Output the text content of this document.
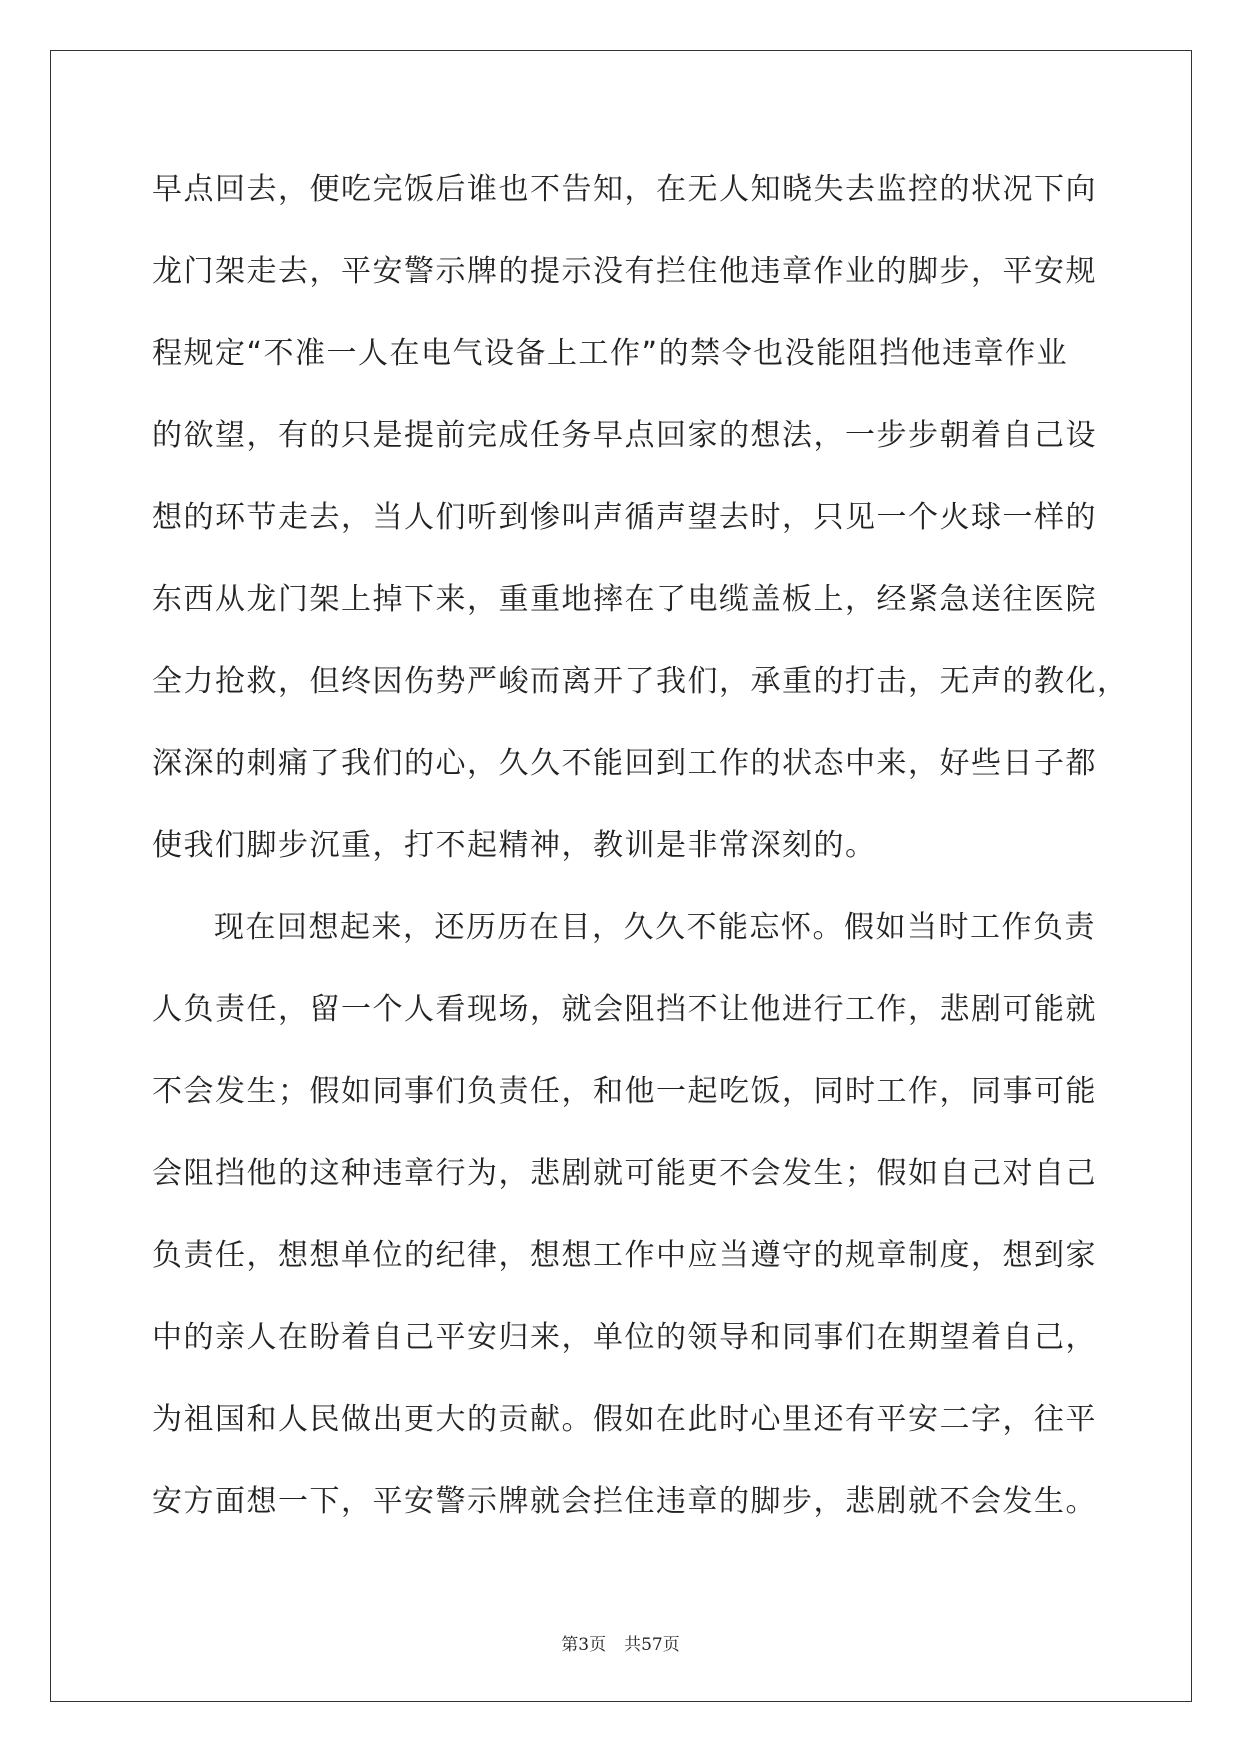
早点回去，便吃完饭后谁也不告知，在无人知晓失去监控的状况下向
龙门架走去，平安警示牌的提示没有拦住他违章作业的脚步，平安规
程规定“不准一人在电气设备上工作”的禁令也没能阻挡他违章作业
的欲望，有的只是提前完成任务早点回家的想法，一步步朝着自己设
想的环节走去，当人们听到惨叫声循声望去时，只见一个火球一样的
东西从龙门架上掉下来，重重地摔在了电缆盖板上，经紧急送往医院
全力抢救，但终因伤势严峻而离开了我们，承重的打击，无声的教化，
深深的刺痛了我们的心，久久不能回到工作的状态中来，好些日子都
使我们脚步沉重，打不起精神，教训是非常深刻的。
现在回想起来，还历历在目，久久不能忘怀。假如当时工作负责
人负责任，留一个人看现场，就会阻挡不让他进行工作，悲剧可能就
不会发生；假如同事们负责任，和他一起吃饭，同时工作，同事可能
会阻挡他的这种违章行为，悲剧就可能更不会发生；假如自己对自己
负责任，想想单位的纪律，想想工作中应当遵守的规章制度，想到家
中的亲人在盼着自己平安归来，单位的领导和同事们在期望着自己，
为祖国和人民做出更大的贡献。假如在此时心里还有平安二字，往平
安方面想一下，平安警示牌就会拦住违章的脚步，悲剧就不会发生。
第3页 共57页
